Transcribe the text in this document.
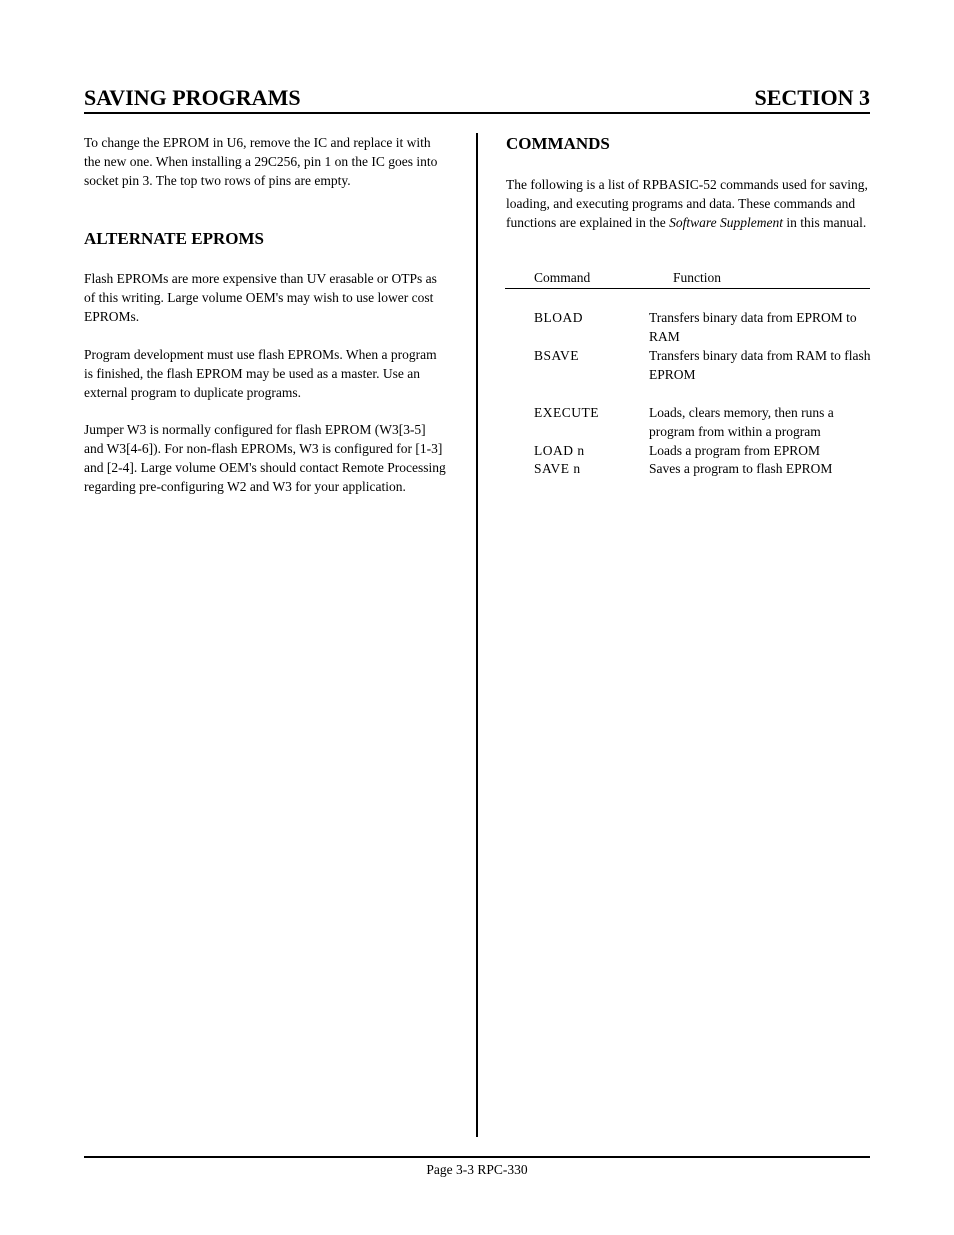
SAVING PROGRAMS	SECTION 3

To change the EPROM in U6, remove the IC and replace it with the new one. When installing a 29C256, pin 1 on the IC goes into socket pin 3. The top two rows of pins are empty.

ALTERNATE EPROMS

Flash EPROMs are more expensive than UV erasable or OTPs as of this writing. Large volume OEM's may wish to use lower cost EPROMs.

Program development must use flash EPROMs. When a program is finished, the flash EPROM may be used as a master. Use an external program to duplicate programs.

Jumper W3 is normally configured for flash EPROM (W3[3-5] and W3[4-6]). For non-flash EPROMs, W3 is configured for [1-3] and [2-4]. Large volume OEM's should contact Remote Processing regarding pre-configuring W2 and W3 for your application.

COMMANDS

The following is a list of RPBASIC-52 commands used for saving, loading, and executing programs and data. These commands and functions are explained in the Software Supplement in this manual.

Command	Function
BLOAD	Transfers binary data from EPROM to RAM
BSAVE	Transfers binary data from RAM to flash EPROM
EXECUTE	Loads, clears memory, then runs a program from within a program
LOAD n	Loads a program from EPROM
SAVE n	Saves a program to flash EPROM
Page 3-3 RPC-330
